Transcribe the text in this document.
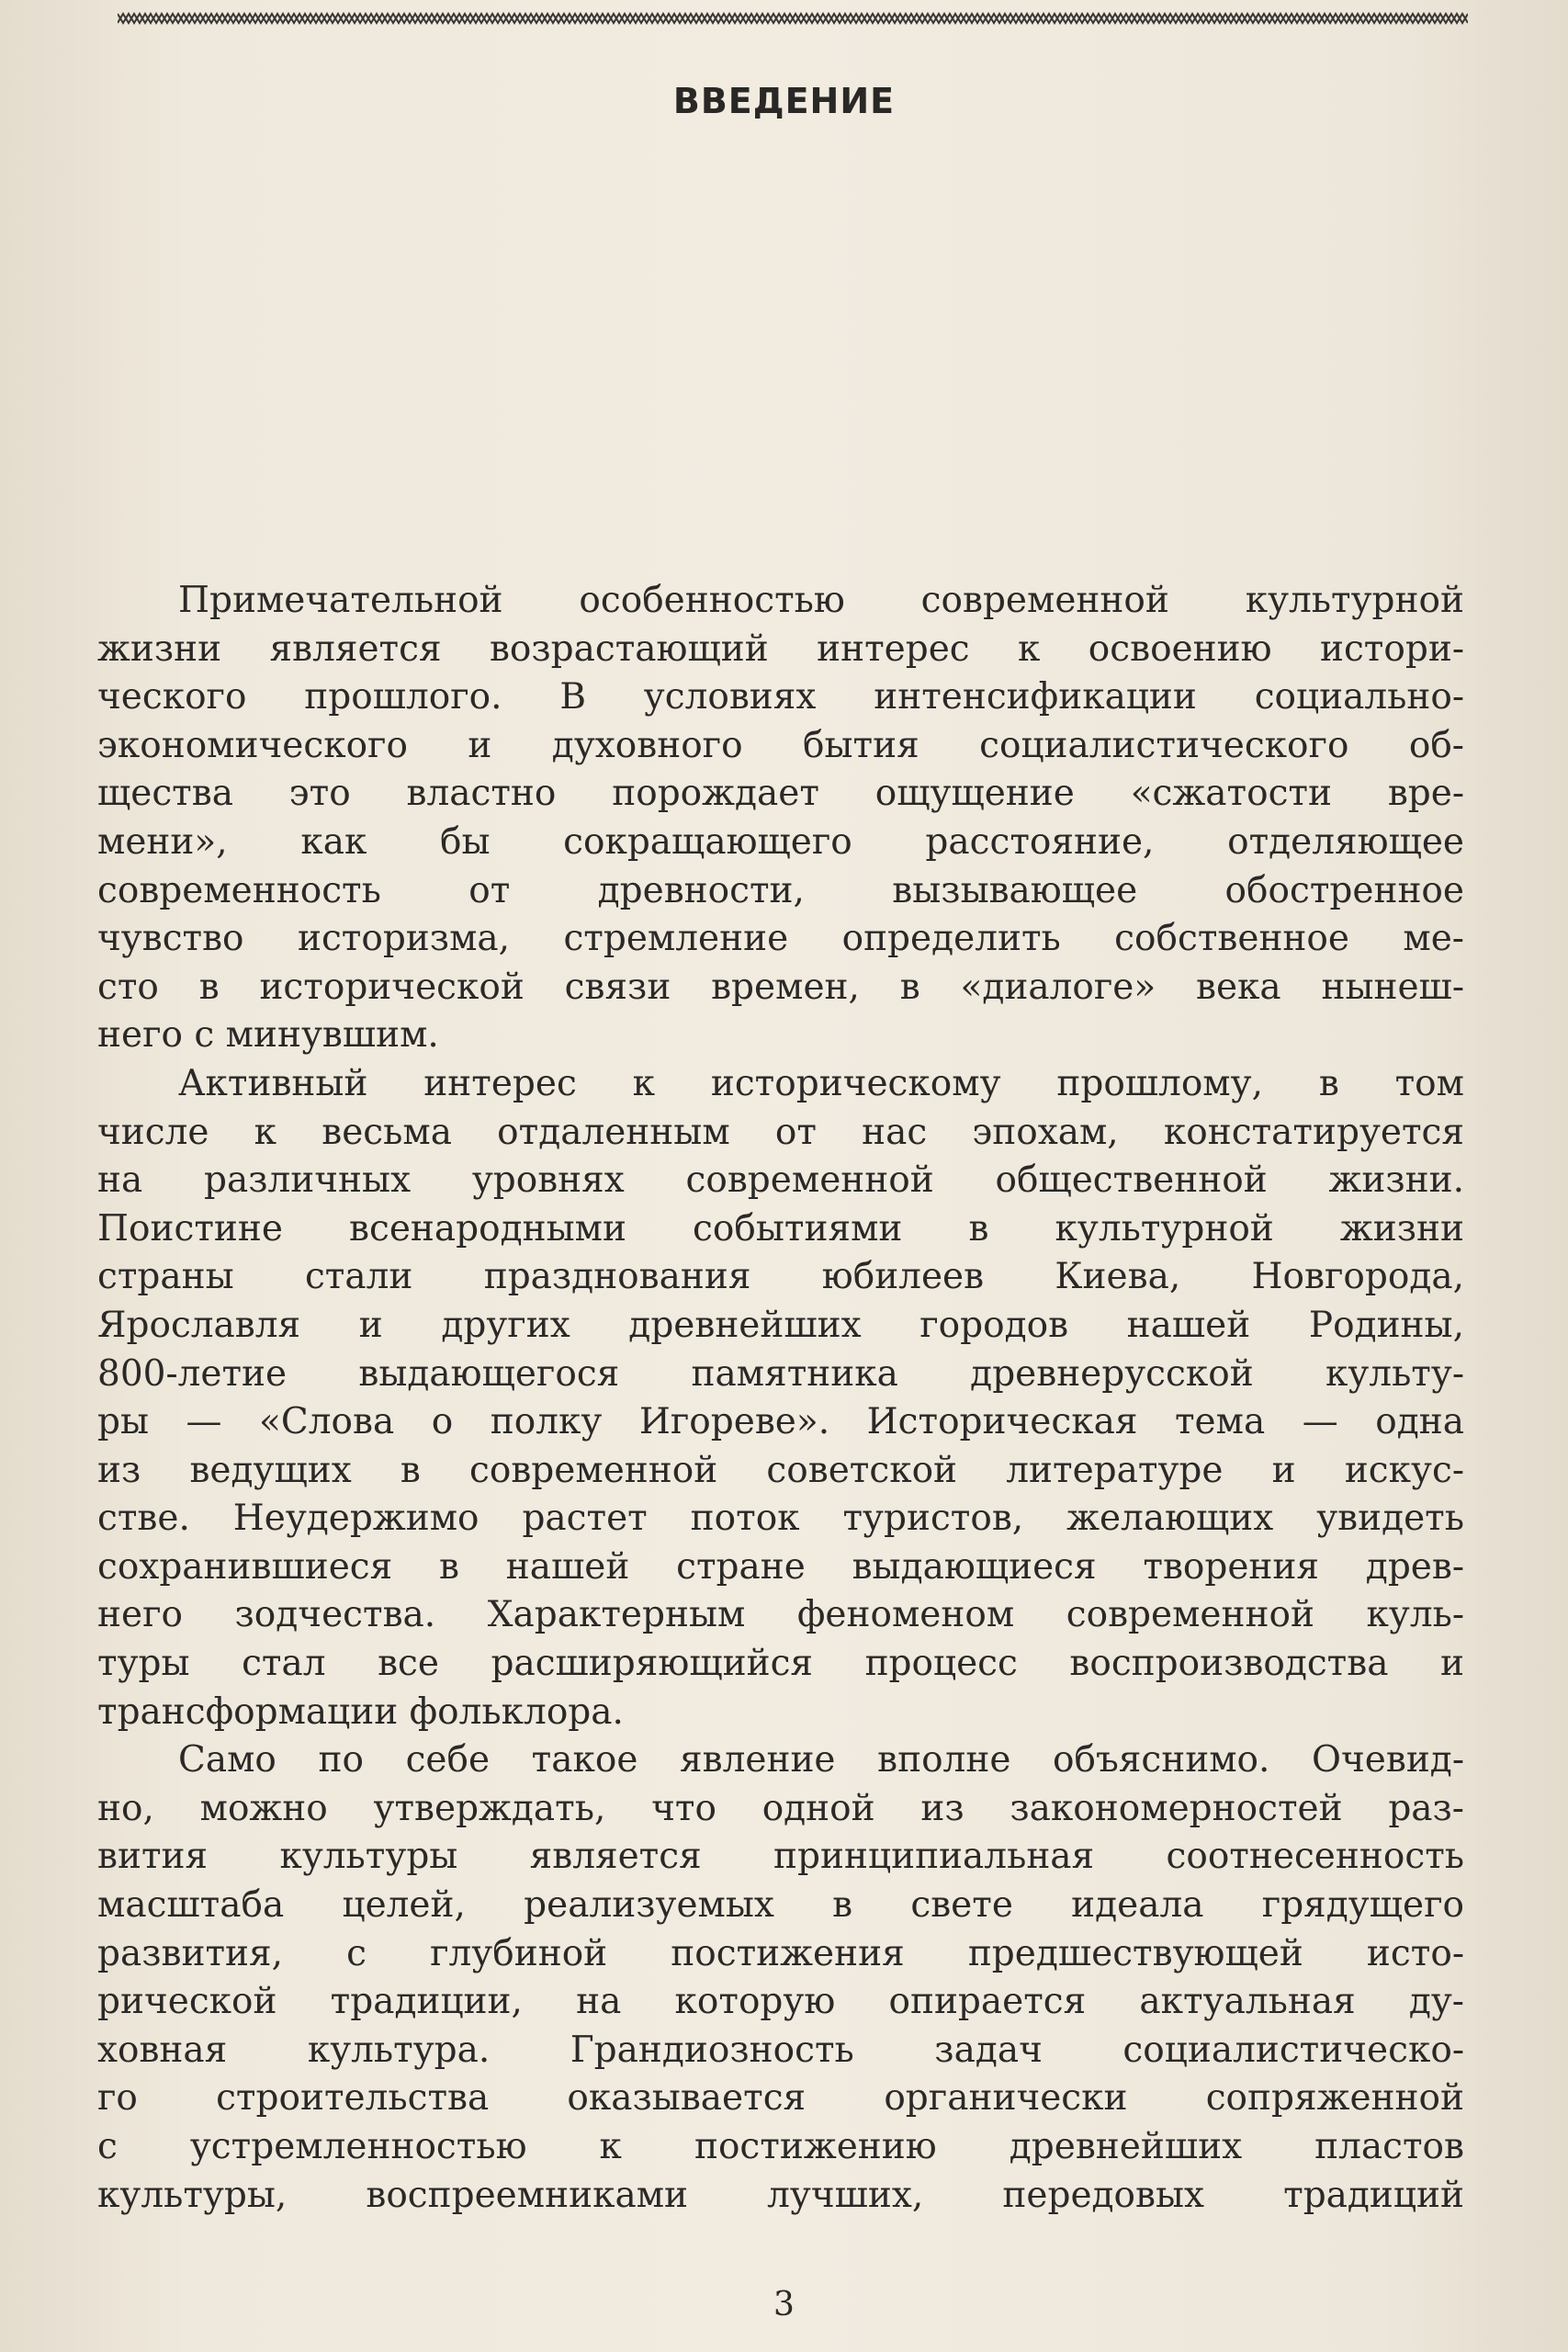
ВВЕДЕНИЕ

Примечательной особенностью современной культурной
жизни является возрастающий интерес к освоению истори-
ческого прошлого. В условиях интенсификации социально-
экономического и духовного бытия социалистического об-
щества это властно порождает ощущение «сжатости вре-
мени», как бы сокращающего расстояние, отделяющее
современность от древности, вызывающее обостренное
чувство историзма, стремление определить собственное ме-
сто в исторической связи времен, в «диалоге» века нынеш-
него с минувшим.

Активный интерес к историческому прошлому, в том
числе к весьма отдаленным от нас эпохам, констатируется
на различных уровнях современной общественной жизни.
Поистине всенародными событиями в культурной жизни
страны стали празднования юбилеев Киева, Новгорода,
Ярославля и других древнейших городов нашей Родины,
800-летие выдающегося памятника древнерусской культу-
ры — «Слова о полку Игореве». Историческая тема — одна
из ведущих в современной советской литературе и искус-
стве. Неудержимо растет поток туристов, желающих увидеть
сохранившиеся в нашей стране выдающиеся творения древ-
него зодчества. Характерным феноменом современной куль-
туры стал все расширяющийся процесс воспроизводства и
трансформации фольклора.

Само по себе такое явление вполне объяснимо. Очевид-
но, можно утверждать, что одной из закономерностей раз-
вития культуры является принципиальная соотнесенность
масштаба целей, реализуемых в свете идеала грядущего
развития, с глубиной постижения предшествующей исто-
рической традиции, на которую опирается актуальная ду-
ховная культура. Грандиозность задач социалистическо-
го строительства оказывается органически сопряженной
с устремленностью к постижению древнейших пластов
культуры, воспреемниками лучших, передовых традиций

3
